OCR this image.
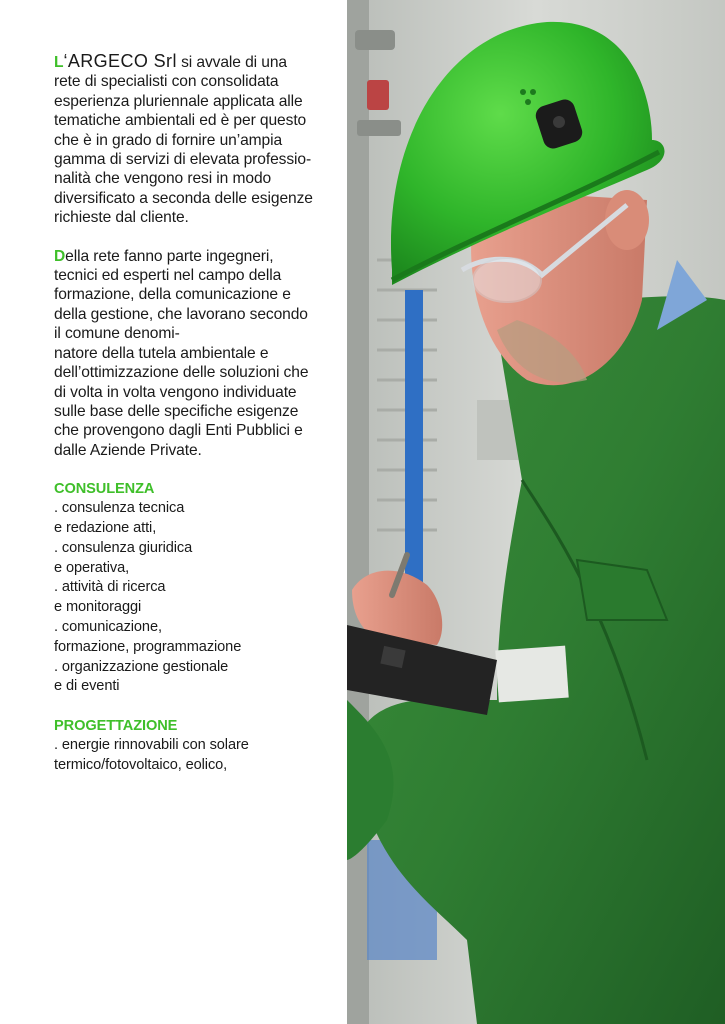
L‘ARGECO Srl si avvale di una rete di specialisti con consolidata esperienza pluriennale applicata alle tematiche ambientali ed è per questo che è in grado di fornire un’ampia gamma di servizi di elevata professio-
nalità che vengono resi in modo diversificato a seconda delle esigenze richieste dal cliente.

Della rete fanno parte ingegneri, tecnici ed esperti nel campo della formazione, della comunicazione e della gestione, che lavorano secondo il comune denomi-
natore della tutela ambientale e dell’ottimizzazione delle soluzioni che di volta in volta vengono individuate sulle base delle specifiche esigenze che provengono dagli Enti Pubblici e dalle Aziende Private.

CONSULENZA

. consulenza tecnica
e redazione atti,
. consulenza giuridica
e operativa,
. attività di ricerca
e monitoraggi
. comunicazione,
formazione, programmazione
. organizzazione gestionale
e di eventi

PROGETTAZIONE

. energie rinnovabili con solare
termico/fotovoltaico, eolico,
